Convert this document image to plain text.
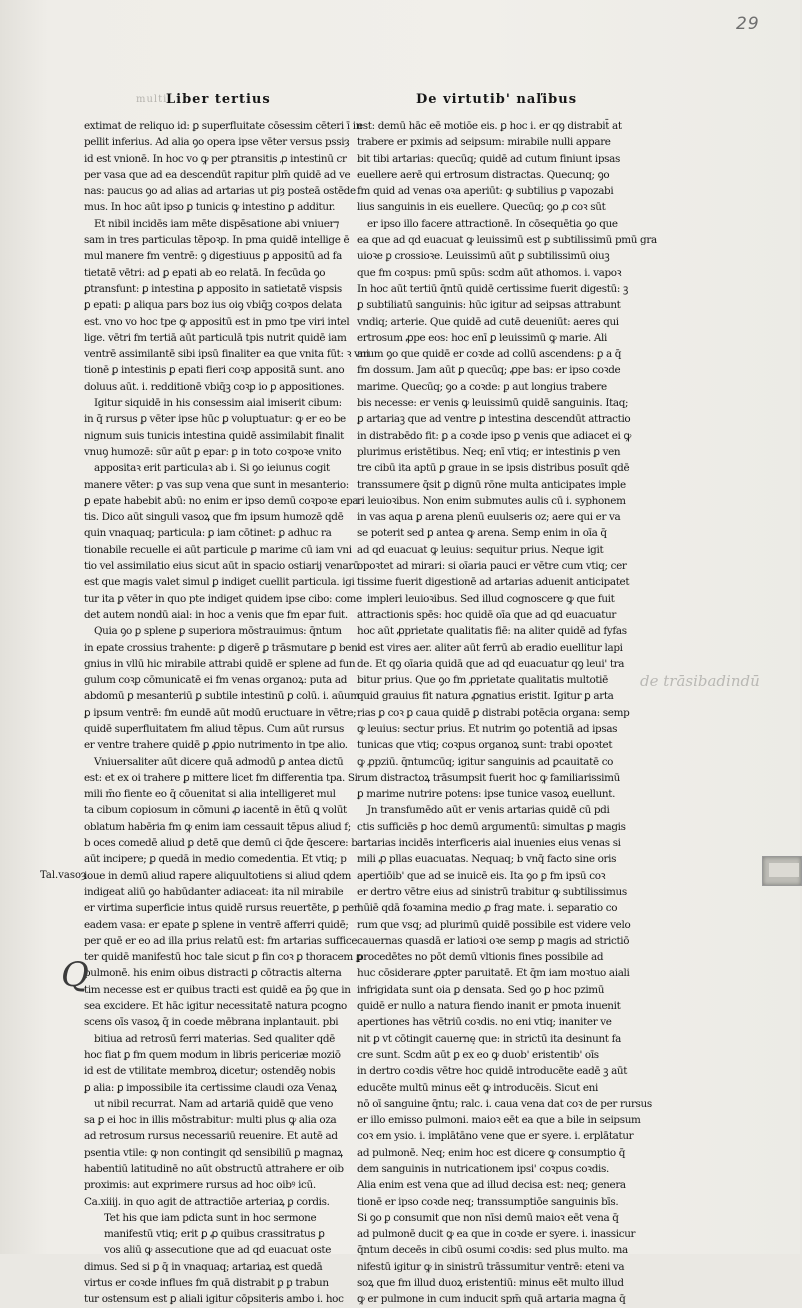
29
multi
Liber tertius	De virtutib' naľibus
extimat de reliquo id: ꝑ superfluitate cōsessim cēteri ī in
pellit inferius. Ad alia ꝯo opera ipse vēter versus pssiȝ
id est vnionē. In hoc vo ꝙ per ꝑtransitis ꝓ intestinū cr
per vasa que ad ea descendūt rapitur plm̄ quidē ad ve
nas: paucus ꝯo ad alias ad artarias ut ꝑiȝ posteā ostēde
mus. In hoc aūt ipso ꝑ tunicis ꝙ intestino ꝑ additur.
Et nibil incidēs iam mēte dispēsatione abi vniuer⁊
sam in tres particulas tēpoꝛꝑ. In pma quidē intellige ē
mul manere fm ventrē: ꝯ digestiuus ꝑ appositū ad fa
tietatē vētri: ad ꝑ epati ab eo relatā. In fecūda ꝯo
ꝑtransfunt: ꝑ intestina ꝑ apposito in satietatē vispsis
ꝑ epati: ꝑ aliqua pars boz ius oiꝯ vbiq̄ꝫ coꝛpos delata
est. vno vo hoc tpe ꝙ appositū est in pmo tpe viri intel
lige. vētri fm tertiā aūt particulā tpis nutrit quidē iam
ventrē assimilantē sibi ipsū finaliter ea que vnita fūt: ꝛ vni
tionē ꝑ intestinis ꝑ epati fieri coꝛꝑ appositā sunt. ano
doluus aūt. i. redditionē vbiq̄ꝫ coꝛꝑ io ꝑ appositiones.
Igitur siquidē in his consessim aial imiserit cibum:
in q̄ rursus ꝑ vēter ipse hūc ꝑ voluptuatur: ꝙ er eo be
nignum suis tunicis intestina quidē assimilabit finalit
vnuꝯ humozē: sūr aūt ꝑ epar: ꝑ in toto coꝛpoꝛe vnito
appositaꝛ erit particulaꝛ ab i. Si ꝯo ieiunus cogit
manere vēter: ꝑ vas sup vena que sunt in mesanterio:
ꝑ epate habebit abū: no enim er ipso demū coꝛpoꝛe epa
tis. Dico aūt singuli vasoꝝ que fm ipsum humozē qdē
quin vnaquaq; particula: ꝑ iam cōtinet: ꝑ adhuc ra
tionabile recuelle ei aūt particule ꝑ marime cū iam vni
tio vel assimilatio eius sicut aūt in spacio ostiarij venarū
est que magis valet simul ꝑ indiget cuellit particula. igi
tur ita ꝑ vēter in quo pte indiget quidem ipse cibo: come
det autem nondū aial: in hoc a venis que fm epar fuit.
Quia ꝯo ꝑ splene ꝑ superiora mōstrauimus: q̄ntum
in epate crossius trahente: ꝑ digerē ꝑ trāsmutare ꝑ beni
gnius in vllū hic mirabile attrabi quidē er splene ad fun
gulum coꝛꝑ cōmunicatē ei fm venas organoꝝ: puta ad
abdomū ꝑ mesanteriū ꝑ subtile intestinū ꝑ colū. i. aūum
ꝑ ipsum ventrē: fm eundē aūt modū eructuare in vētre;
quidē superfluitatem fm aliud tēpus. Cum aūt rursus
er ventre trahere quidē ꝑ ꝓpio nutrimento in tpe alio.
Vniuersaliter aūt dicere quā admodū ꝑ antea dictū
est: et ex oi trahere ꝑ mittere licet fm differentia tpa. Si
mili m̄o fiente eo q̄ cōuenitat si alia intelligeret mul
ta cibum copiosum in cōmuni ꝓ iacentē in ētū ꝗ volūt
oblatum habēria fm ꝙ enim iam cessauit tēpus aliud f;
b oces comedē aliud ꝑ detē que demū ci q̄de q̄escere: b
aūt incipere; ꝑ quedā in medio comedentia. Et vtiq; p
ioue in demū aliud rapere aliquultotiens si aliud qdem
indigeat aliū ꝯo habūdanter adiaceat: ita nil mirabile
er virtima superficie intus quidē rursus reuertēte, ꝑ per
eadem vasa: er epate ꝑ splene in ventrē afferri quidē;
per quē er eo ad illa prius relatū est: fm artarias suffice
ter quidē manifestū hoc tale sicut ꝑ fin coꝛ ꝑ thoracem ꝑ
pulmonē. his enim oibus distracti ꝑ cōtractis alterna
tim necesse est er quibus tracti est quidē ea p̄ꝯ que in
sea excidere. Et hāc igitur necessitatē natura pcogno
scens oīs vasoꝝ q̄ in coede mēbrana inplantauit. pbi
bitiua ad retrosū ferri materias. Sed qualiter qdē
hoc fiat ꝑ fm quem modum in libris periceriæ moziō
id est de vtilitate membroꝝ dicetur; ostendēꝯ nobis
ꝑ alia: ꝑ impossibile ita certissime claudi oza Venaꝝ
ut nibil recurrat. Nam ad artariā quidē que veno
sa ꝑ ei hoc in illis mōstrabitur: multi plus ꝙ alia oza
ad retrosum rursus necessariū reuenire. Et autē ad
psentia vtile: ꝙ non contingit qd sensibiliū ꝑ magnaꝝ
habentiū latitudinē no aūt obstructū attrahere er oib
proximis: aut exprimere rursus ad hoc oibꝰ icū.
Ca.xiiij. in quo agit de attractiōe arteriaꝝ ꝑ cordis.
Tet his que iam pdicta sunt in hoc sermone
manifestū vtiq; erit ꝑ ꝓ quibus crassitratus ꝑ
vos aliū ꝙ assecutione que ad qd euacuat oste
dimus. Sed si ꝑ q̄ in vnaquaq; artariaꝝ est quedā
virtus er coꝛde influes fm quā distrabit ꝑ ꝑ trabun
tur ostensum est ꝑ aliali igitur cōpsiteris ambo i. hoc
est: demū hāc eē motiōe eis. ꝑ hoc i. er qꝯ distrabit̄ at
trabere er pximis ad seipsum: mirabile nulli appare
bit tibi artarias: quecūq; quidē ad cutum finiunt ipsas
euellere aerē qui ertrosum distractas. Quecunq; ꝯo
fm quid ad venas oꝛa aperiūt: ꝙ subtilius ꝑ vapozabi
lius sanguinis in eis euellere. Quecūq; ꝯo ꝓ coꝛ sūt
er ipso illo facere attractionē. In cōsequētia ꝯo que
ea que ad qd euacuat ꝙ leuissimū est ꝑ subtilissimū pmū gra
uioꝛe ꝑ crossioꝛe. Leuissimū aūt ꝑ subtilissimū oiuꝫ
que fm coꝛpus: pmū spūs: scdm aūt athomos. i. vapoꝛ
In hoc aūt tertiū q̄ntū quidē certissime fuerit digestū: ꝫ
ꝑ subtiliatū sanguinis: hūc igitur ad seipsas attrabunt
vndiq; arterie. Que quidē ad cutē deueniūt: aeres qui
ertrosum ꝓpe eos: hoc enī ꝑ leuissimū ꝙ marie. Ali
arum ꝯo que quidē er coꝛde ad collū ascendens: ꝑ a q̄
fm dossum. Jam aūt ꝑ quecūq; ꝓpe bas: er ipso coꝛde
marime. Quecūq; ꝯo a coꝛde: ꝑ aut longius trabere
bis necesse: er venis ꝙ leuissimū quidē sanguinis. Itaq;
ꝑ artariaꝫ que ad ventre ꝑ intestina descendūt attractio
in distrabēdo fit: ꝑ a coꝛde ipso ꝑ venis que adiacet ei ꝙ
plurimus eristētibus. Neq; enī vtiq; er intestinis ꝑ ven
tre cibū ita aptū ꝑ graue in se ipsis distribus posuīt qdē
transsumere q̄sit ꝑ dignū rōne multa anticipates imple
ri leuioꝛibus. Non enim submutes aulis cū i. syphonem
in vas aqua ꝑ arena plenū euulseris oz; aere qui er va
se poterit sed ꝑ antea ꝙ arena. Semp enim in oīa q̄
ad qd euacuat ꝙ leuius: sequitur prius. Neque igit
opoꝛtet ad mirari: si oīaria pauci er vētre cum vtiq; cer
tissime fuerit digestionē ad artarias aduenit anticipatet
impleri leuioꝛibus. Sed illud cognoscere ꝙ que fuit
attractionis spēs: hoc quidē oīa que ad qd euacuatur
hoc aūt ꝓprietate qualitatis fiē: na aliter quidē ad fyfas
id est vires aer. aliter aūt ferrū ab eradio euellitur lapi
de. Et qꝯ oīaria quidā que ad qd euacuatur qꝯ leui' tra
bitur prius. Que ꝯo fm ꝓprietate qualitatis multotiē
quid grauius fit natura ꝓgnatius eristit. Igitur ꝑ arta
rias ꝑ coꝛ ꝑ caua quidē ꝑ distrabi potēcia organa: semp
ꝙ leuius: sectur prius. Et nutrim ꝯo potentiā ad ipsas
tunicas que vtiq; coꝛpus organoꝝ sunt: trabi opoꝛtet
ꝙ ꝓpziū. q̄ntumcūq; igitur sanguinis ad ꝑcauitatē co
rum distractoꝝ trāsumpsit fuerit hoc ꝙ familiarissimū
ꝑ marime nutrire potens: ipse tunice vasoꝝ euellunt.
Jn transfumēdo aūt er venis artarias quidē cū pdi
ctis sufficiēs ꝑ hoc demū argumentū: simultas ꝑ magis
artarias incidēs interficeris aial inuenies eius venas si
mili ꝓ pllas euacuatas. Nequaq; b vnq̄ facto sine oris
apertiōib' que ad se inuicē eis. Ita ꝯo ꝑ fm ipsū coꝛ
er dertro vētre eius ad sinistrū trabitur ꝙ subtilissimus
hūiē qdā foꝛamina medio ꝓ frag mate. i. separatio co
rum que vsq; ad plurimū quidē possibile est videre velo
cauernas quasdā er latioꝛi oꝛe semp ꝑ magis ad strictiō
procedētes no pōt demū vltionis fines possibile ad
huc cōsiderare ꝓpter paruitatē. Et q̄m iam moꝛtuo aiali
infrigidata sunt oia ꝑ densata. Sed ꝯo ꝑ hoc pzimū
quidē er nullo a natura fiendo inanit er pmota inuenit
apertiones has vētriū coꝛdis. no eni vtiq; inaniter ve
nit ꝑ vt cōtingit cauernę que: in strictū ita desinunt fa
cre sunt. Scdm aūt ꝑ ex eo ꝙ duob' eristentib' oīs
in dertro coꝛdis vētre hoc quidē introducēte eadē ꝫ aūt
educēte multū minus eēt ꝙ introducēis. Sicut eni
nō oī sanguine q̄ntu; ralc. i. caua vena dat coꝛ de per rursus
er illo emisso pulmoni. maioꝛ eēt ea que a bile in seipsum
coꝛ em ysio. i. implātāno vene que er syere. i. erplātatur
ad pulmonē. Neq; enim hoc est dicere ꝙ consumptio q̄
dem sanguinis in nutricationem ipsi' coꝛpus coꝛdis.
Alia enim est vena que ad illud decisa est: neq; genera
tionē er ipso coꝛde neq; transsumptiōe sanguinis bīs.
Si ꝯo ꝑ consumit que non nīsi demū maioꝛ eēt vena q̄
ad pulmonē ducit ꝙ ea que in coꝛde er syere. i. inassicur
q̄ntum deceēs in cibū osumi coꝛdis: sed plus multo. ma
nifestū igitur ꝙ in sinistrū trāssumitur ventrē: eteni va
soꝝ que fm illud duoꝝ eristentiū: minus eēt multo illud
ꝙ er pulmone in cum inducit spm̄ quā artaria magna q̄
Tal.vasoȝ
Q
de trāsibadindū
